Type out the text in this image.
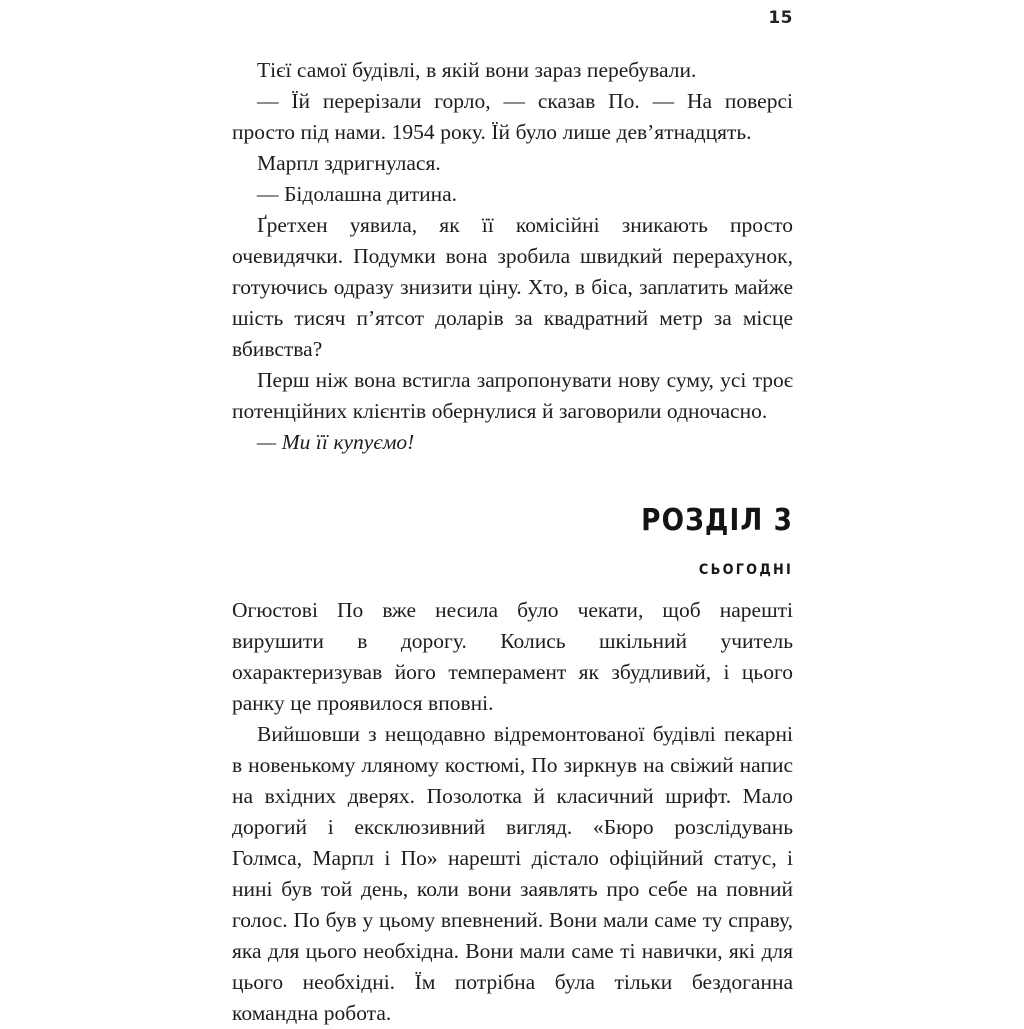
15

Тієї самої будівлі, в якій вони зараз перебували.

— Їй перерізали горло, — сказав По. — На поверсі просто під нами. 1954 року. Їй було лише дев’ятнадцять.

Марпл здригнулася.

— Бідолашна дитина.

Ґретхен уявила, як її комісійні зникають просто очевидячки. Подумки вона зробила швидкий перерахунок, готуючись одразу знизити ціну. Хто, в біса, заплатить майже шість тисяч п’ятсот доларів за квадратний метр за місце вбивства?

Перш ніж вона встигла запропонувати нову суму, усі троє потенційних клієнтів обернулися й заговорили одночасно.

— Ми її купуємо!

РОЗДІЛ 3
СЬОГОДНІ

Огюстові По вже несила було чекати, щоб нарешті вирушити в дорогу. Колись шкільний учитель охарактеризував його темперамент як збудливий, і цього ранку це проявилося вповні.

Вийшовши з нещодавно відремонтованої будівлі пекарні в новенькому лляному костюмі, По зиркнув на свіжий напис на вхідних дверях. Позолотка й класичний шрифт. Мало дорогий і ексклюзивний вигляд. «Бюро розслідувань Голмса, Марпл і По» нарешті дістало офіційний статус, і нині був той день, коли вони заявлять про себе на повний голос. По був у цьому впевнений. Вони мали саме ту справу, яка для цього необхідна. Вони мали саме ті навички, які для цього необхідні. Їм потрібна була тільки бездоганна командна робота.
